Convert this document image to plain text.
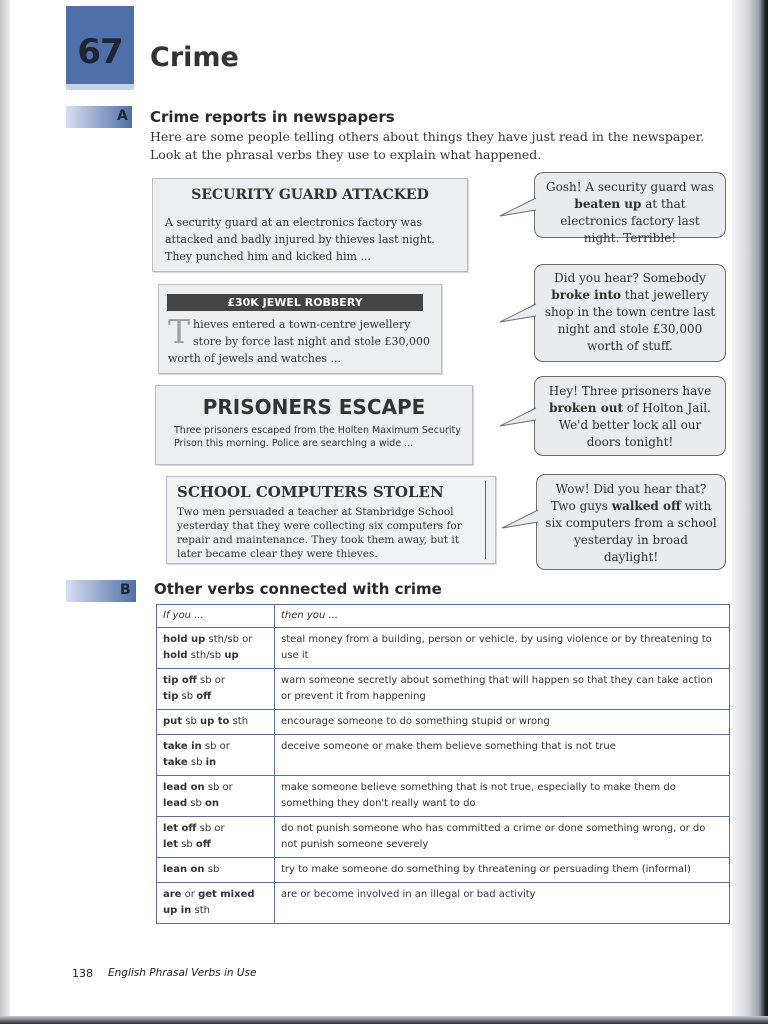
67	Crime
A Crime reports in newspapers
Here are some people telling others about things they have just read in the newspaper. Look at the phrasal verbs they use to explain what happened.
SECURITY GUARD ATTACKED
A security guard at an electronics factory was attacked and badly injured by thieves last night. They punched him and kicked him ...
£30K JEWEL ROBBERY
Thieves entered a town-centre jewellery store by force last night and stole £30,000 worth of jewels and watches ...
PRISONERS ESCAPE
Three prisoners escaped from the Holten Maximum Security Prison this morning. Police are searching a wide ...
SCHOOL COMPUTERS STOLEN
Two men persuaded a teacher at Stanbridge School yesterday that they were collecting six computers for repair and maintenance. They took them away, but it later became clear they were thieves.
Gosh! A security guard was beaten up at that electronics factory last night. Terrible!
Did you hear? Somebody broke into that jewellery shop in the town centre last night and stole £30,000 worth of stuff.
Hey! Three prisoners have broken out of Holton Jail. We'd better lock all our doors tonight!
Wow! Did you hear that? Two guys walked off with six computers from a school yesterday in broad daylight!
B Other verbs connected with crime
If you ...	then you ...
hold up sth/sb or
hold sth/sb up	steal money from a building, person or vehicle, by using violence or by threatening to use it
tip off sb or
tip sb off	warn someone secretly about something that will happen so that they can take action or prevent it from happening
put sb up to sth	encourage someone to do something stupid or wrong
take in sb or
take sb in	deceive someone or make them believe something that is not true
lead on sb or
lead sb on	make someone believe something that is not true, especially to make them do something they don't really want to do
let off sb or
let sb off	do not punish someone who has committed a crime or done something wrong, or do not punish someone severely
lean on sb	try to make someone do something by threatening or persuading them (informal)
are or get mixed
up in sth	are or become involved in an illegal or bad activity
138 English Phrasal Verbs in Use
